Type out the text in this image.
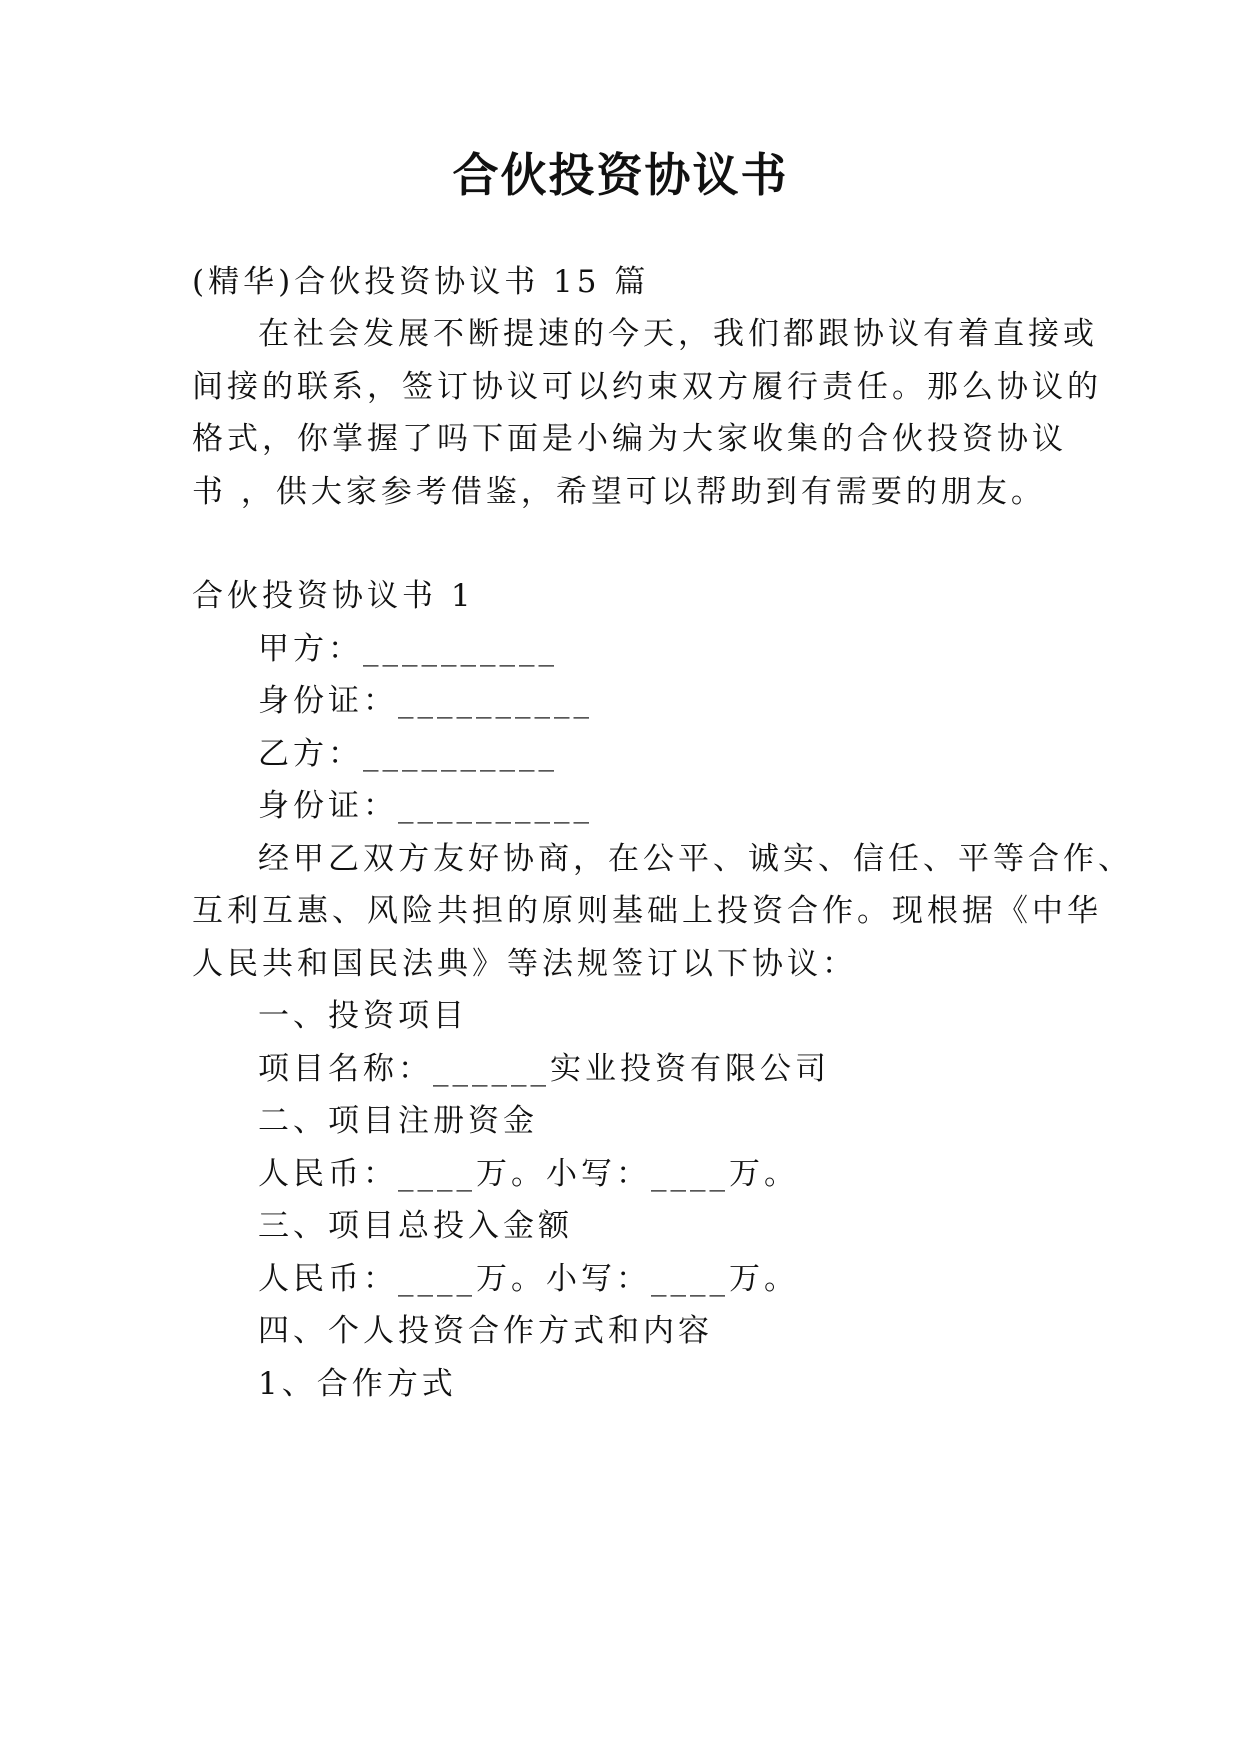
合伙投资协议书
(精华)合伙投资协议书 15 篇
在社会发展不断提速的今天，我们都跟协议有着直接或
间接的联系，签订协议可以约束双方履行责任。那么协议的
格式，你掌握了吗下面是小编为大家收集的合伙投资协议
书 ，供大家参考借鉴，希望可以帮助到有需要的朋友。
合伙投资协议书 1
甲方：__________
身份证：__________
乙方：__________
身份证：__________
经甲乙双方友好协商，在公平、诚实、信任、平等合作、
互利互惠、风险共担的原则基础上投资合作。现根据《中华
人民共和国民法典》等法规签订以下协议：
一、投资项目
项目名称：______实业投资有限公司
二、项目注册资金
人民币：____万。小写：____万。
三、项目总投入金额
人民币：____万。小写：____万。
四、个人投资合作方式和内容
1、合作方式
